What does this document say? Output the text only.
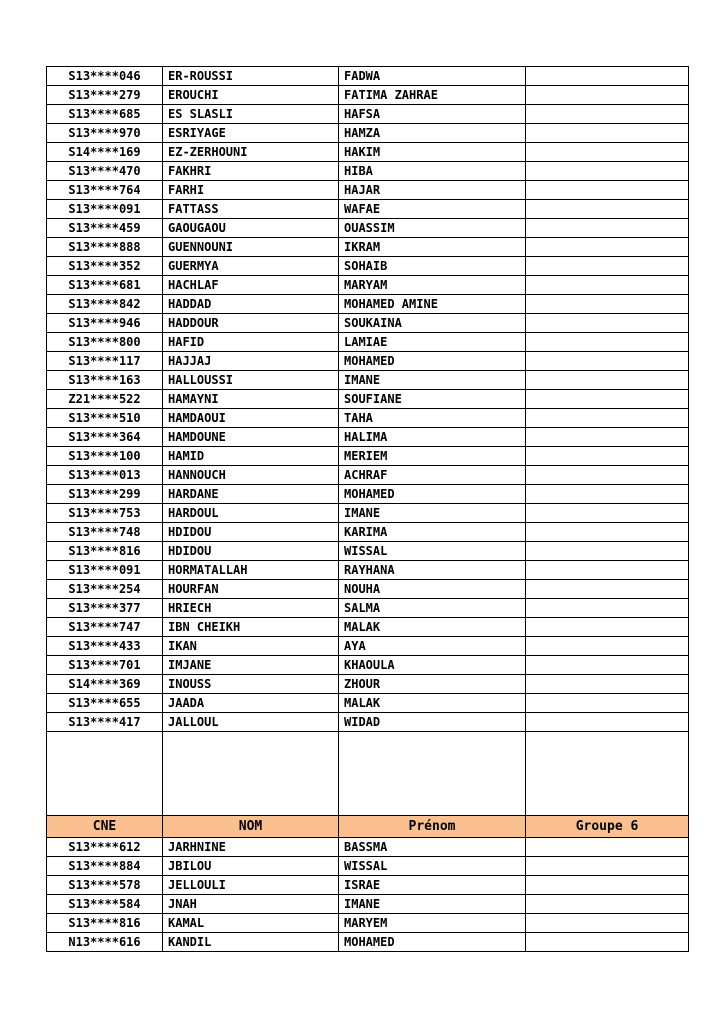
S13****046	ER-ROUSSI	FADWA	
S13****279	EROUCHI	FATIMA ZAHRAE	
S13****685	ES SLASLI	HAFSA	
S13****970	ESRIYAGE	HAMZA	
S14****169	EZ-ZERHOUNI	HAKIM	
S13****470	FAKHRI	HIBA	
S13****764	FARHI	HAJAR	
S13****091	FATTASS	WAFAE	
S13****459	GAOUGAOU	OUASSIM	
S13****888	GUENNOUNI	IKRAM	
S13****352	GUERMYA	SOHAIB	
S13****681	HACHLAF	MARYAM	
S13****842	HADDAD	MOHAMED AMINE	
S13****946	HADDOUR	SOUKAINA	
S13****800	HAFID	LAMIAE	
S13****117	HAJJAJ	MOHAMED	
S13****163	HALLOUSSI	IMANE	
Z21****522	HAMAYNI	SOUFIANE	
S13****510	HAMDAOUI	TAHA	
S13****364	HAMDOUNE	HALIMA	
S13****100	HAMID	MERIEM	
S13****013	HANNOUCH	ACHRAF	
S13****299	HARDANE	MOHAMED	
S13****753	HARDOUL	IMANE	
S13****748	HDIDOU	KARIMA	
S13****816	HDIDOU	WISSAL	
S13****091	HORMATALLAH	RAYHANA	
S13****254	HOURFAN	NOUHA	
S13****377	HRIECH	SALMA	
S13****747	IBN CHEIKH	MALAK	
S13****433	IKAN	AYA	
S13****701	IMJANE	KHAOULA	
S14****369	INOUSS	ZHOUR	
S13****655	JAADA	MALAK	
S13****417	JALLOUL	WIDAD	

CNE	NOM	Prénom	Groupe 6
S13****612	JARHNINE	BASSMA	
S13****884	JBILOU	WISSAL	
S13****578	JELLOULI	ISRAE	
S13****584	JNAH	IMANE	
S13****816	KAMAL	MARYEM	
N13****616	KANDIL	MOHAMED	
